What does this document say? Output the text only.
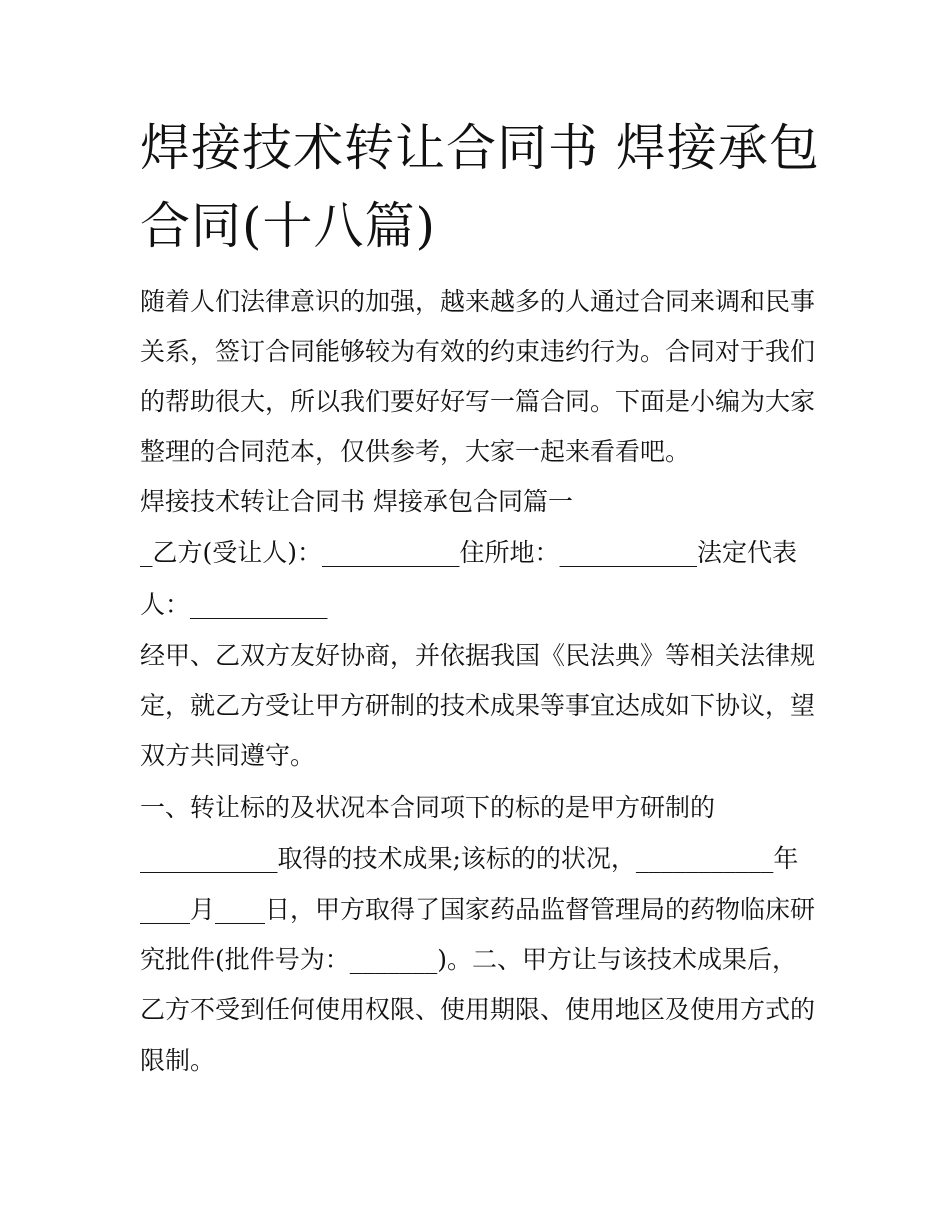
焊接技术转让合同书 焊接承包
合同(十八篇)
随着人们法律意识的加强，越来越多的人通过合同来调和民事
关系，签订合同能够较为有效的约束违约行为。合同对于我们
的帮助很大，所以我们要好好写一篇合同。下面是小编为大家
整理的合同范本，仅供参考，大家一起来看看吧。
焊接技术转让合同书 焊接承包合同篇一
_乙方(受让人)：___________住所地：___________法定代表
人：___________
经甲、乙双方友好协商，并依据我国《民法典》等相关法律规
定，就乙方受让甲方研制的技术成果等事宜达成如下协议，望
双方共同遵守。
一、转让标的及状况本合同项下的标的是甲方研制的
___________取得的技术成果;该标的的状况，___________年
____月____日，甲方取得了国家药品监督管理局的药物临床研
究批件(批件号为：_______)。二、甲方让与该技术成果后，
乙方不受到任何使用权限、使用期限、使用地区及使用方式的
限制。
